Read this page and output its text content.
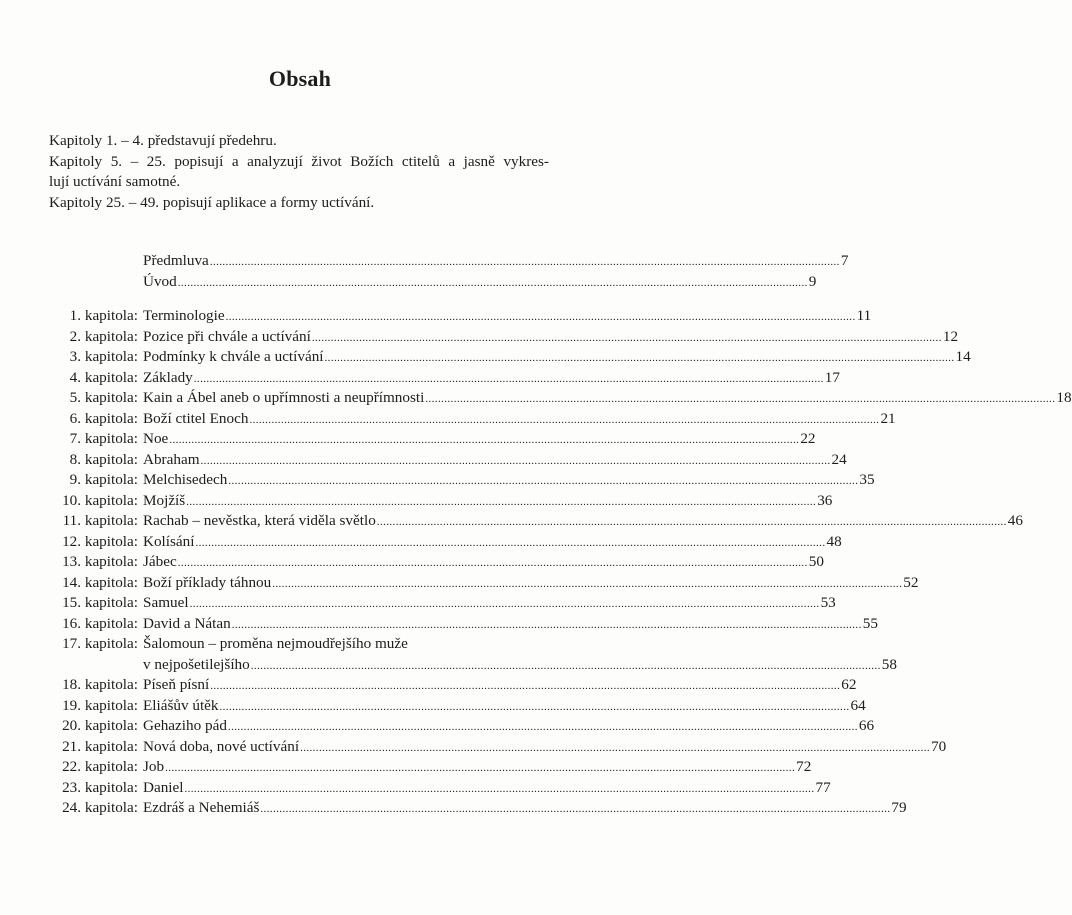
Obsah

Kapitoly 1. – 4. představují předehru.

Kapitoly 5. – 25. popisují a analyzují život Božích ctitelů a jasně vykres-

lují uctívání samotné.

Kapitoly 25. – 49. popisují aplikace a formy uctívání.

Předmluva ........................................................................................................................................................................................................ 7
Úvod ........................................................................................................................................................................................................ 9
1. kapitola: Terminologie ........................................................................................................................................................................................................ 11
2. kapitola: Pozice při chvále a uctívání ........................................................................................................................................................................................................ 12
3. kapitola: Podmínky k chvále a uctívání ........................................................................................................................................................................................................ 14
4. kapitola: Základy ........................................................................................................................................................................................................ 17
5. kapitola: Kain a Ábel aneb o upřímnosti a neupřímnosti ........................................................................................................................................................................................................ 18
6. kapitola: Boží ctitel Enoch ........................................................................................................................................................................................................ 21
7. kapitola: Noe ........................................................................................................................................................................................................ 22
8. kapitola: Abraham ........................................................................................................................................................................................................ 24
9. kapitola: Melchisedech ........................................................................................................................................................................................................ 35
10. kapitola: Mojžíš ........................................................................................................................................................................................................ 36
11. kapitola: Rachab – nevěstka, která viděla světlo ........................................................................................................................................................................................................ 46
12. kapitola: Kolísání ........................................................................................................................................................................................................ 48
13. kapitola: Jábec ........................................................................................................................................................................................................ 50
14. kapitola: Boží příklady táhnou ........................................................................................................................................................................................................ 52
15. kapitola: Samuel ........................................................................................................................................................................................................ 53
16. kapitola: David a Nátan ........................................................................................................................................................................................................ 55
17. kapitola: Šalomoun – proměna nejmoudřejšího muže
v nejpošetilejšího ........................................................................................................................................................................................................ 58
18. kapitola: Píseň písní ........................................................................................................................................................................................................ 62
19. kapitola: Eliášův útěk ........................................................................................................................................................................................................ 64
20. kapitola: Gehaziho pád ........................................................................................................................................................................................................ 66
21. kapitola: Nová doba, nové uctívání ........................................................................................................................................................................................................ 70
22. kapitola: Job ........................................................................................................................................................................................................ 72
23. kapitola: Daniel ........................................................................................................................................................................................................ 77
24. kapitola: Ezdráš a Nehemiáš ........................................................................................................................................................................................................ 79
